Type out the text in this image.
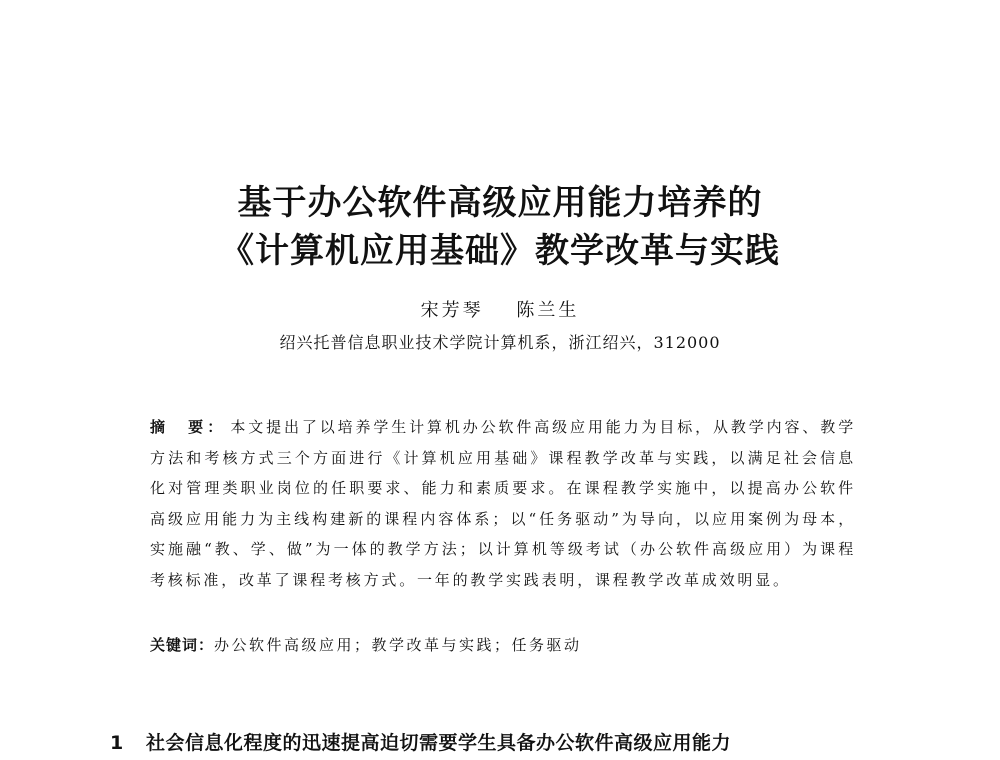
基于办公软件高级应用能力培养的
《计算机应用基础》教学改革与实践
宋芳琴 陈兰生
绍兴托普信息职业技术学院计算机系，浙江绍兴，312000
摘　要： 本文提出了以培养学生计算机办公软件高级应用能力为目标，从教学内容、教学方法和考核方式三个方面进行《计算机应用基础》课程教学改革与实践，以满足社会信息化对管理类职业岗位的任职要求、能力和素质要求。在课程教学实施中，以提高办公软件高级应用能力为主线构建新的课程内容体系；以“任务驱动”为导向，以应用案例为母本，实施融“教、学、做”为一体的教学方法；以计算机等级考试（办公软件高级应用）为课程考核标准，改革了课程考核方式。一年的教学实践表明，课程教学改革成效明显。
关键词：办公软件高级应用；教学改革与实践；任务驱动
1 社会信息化程度的迅速提高迫切需要学生具备办公软件高级应用能力
